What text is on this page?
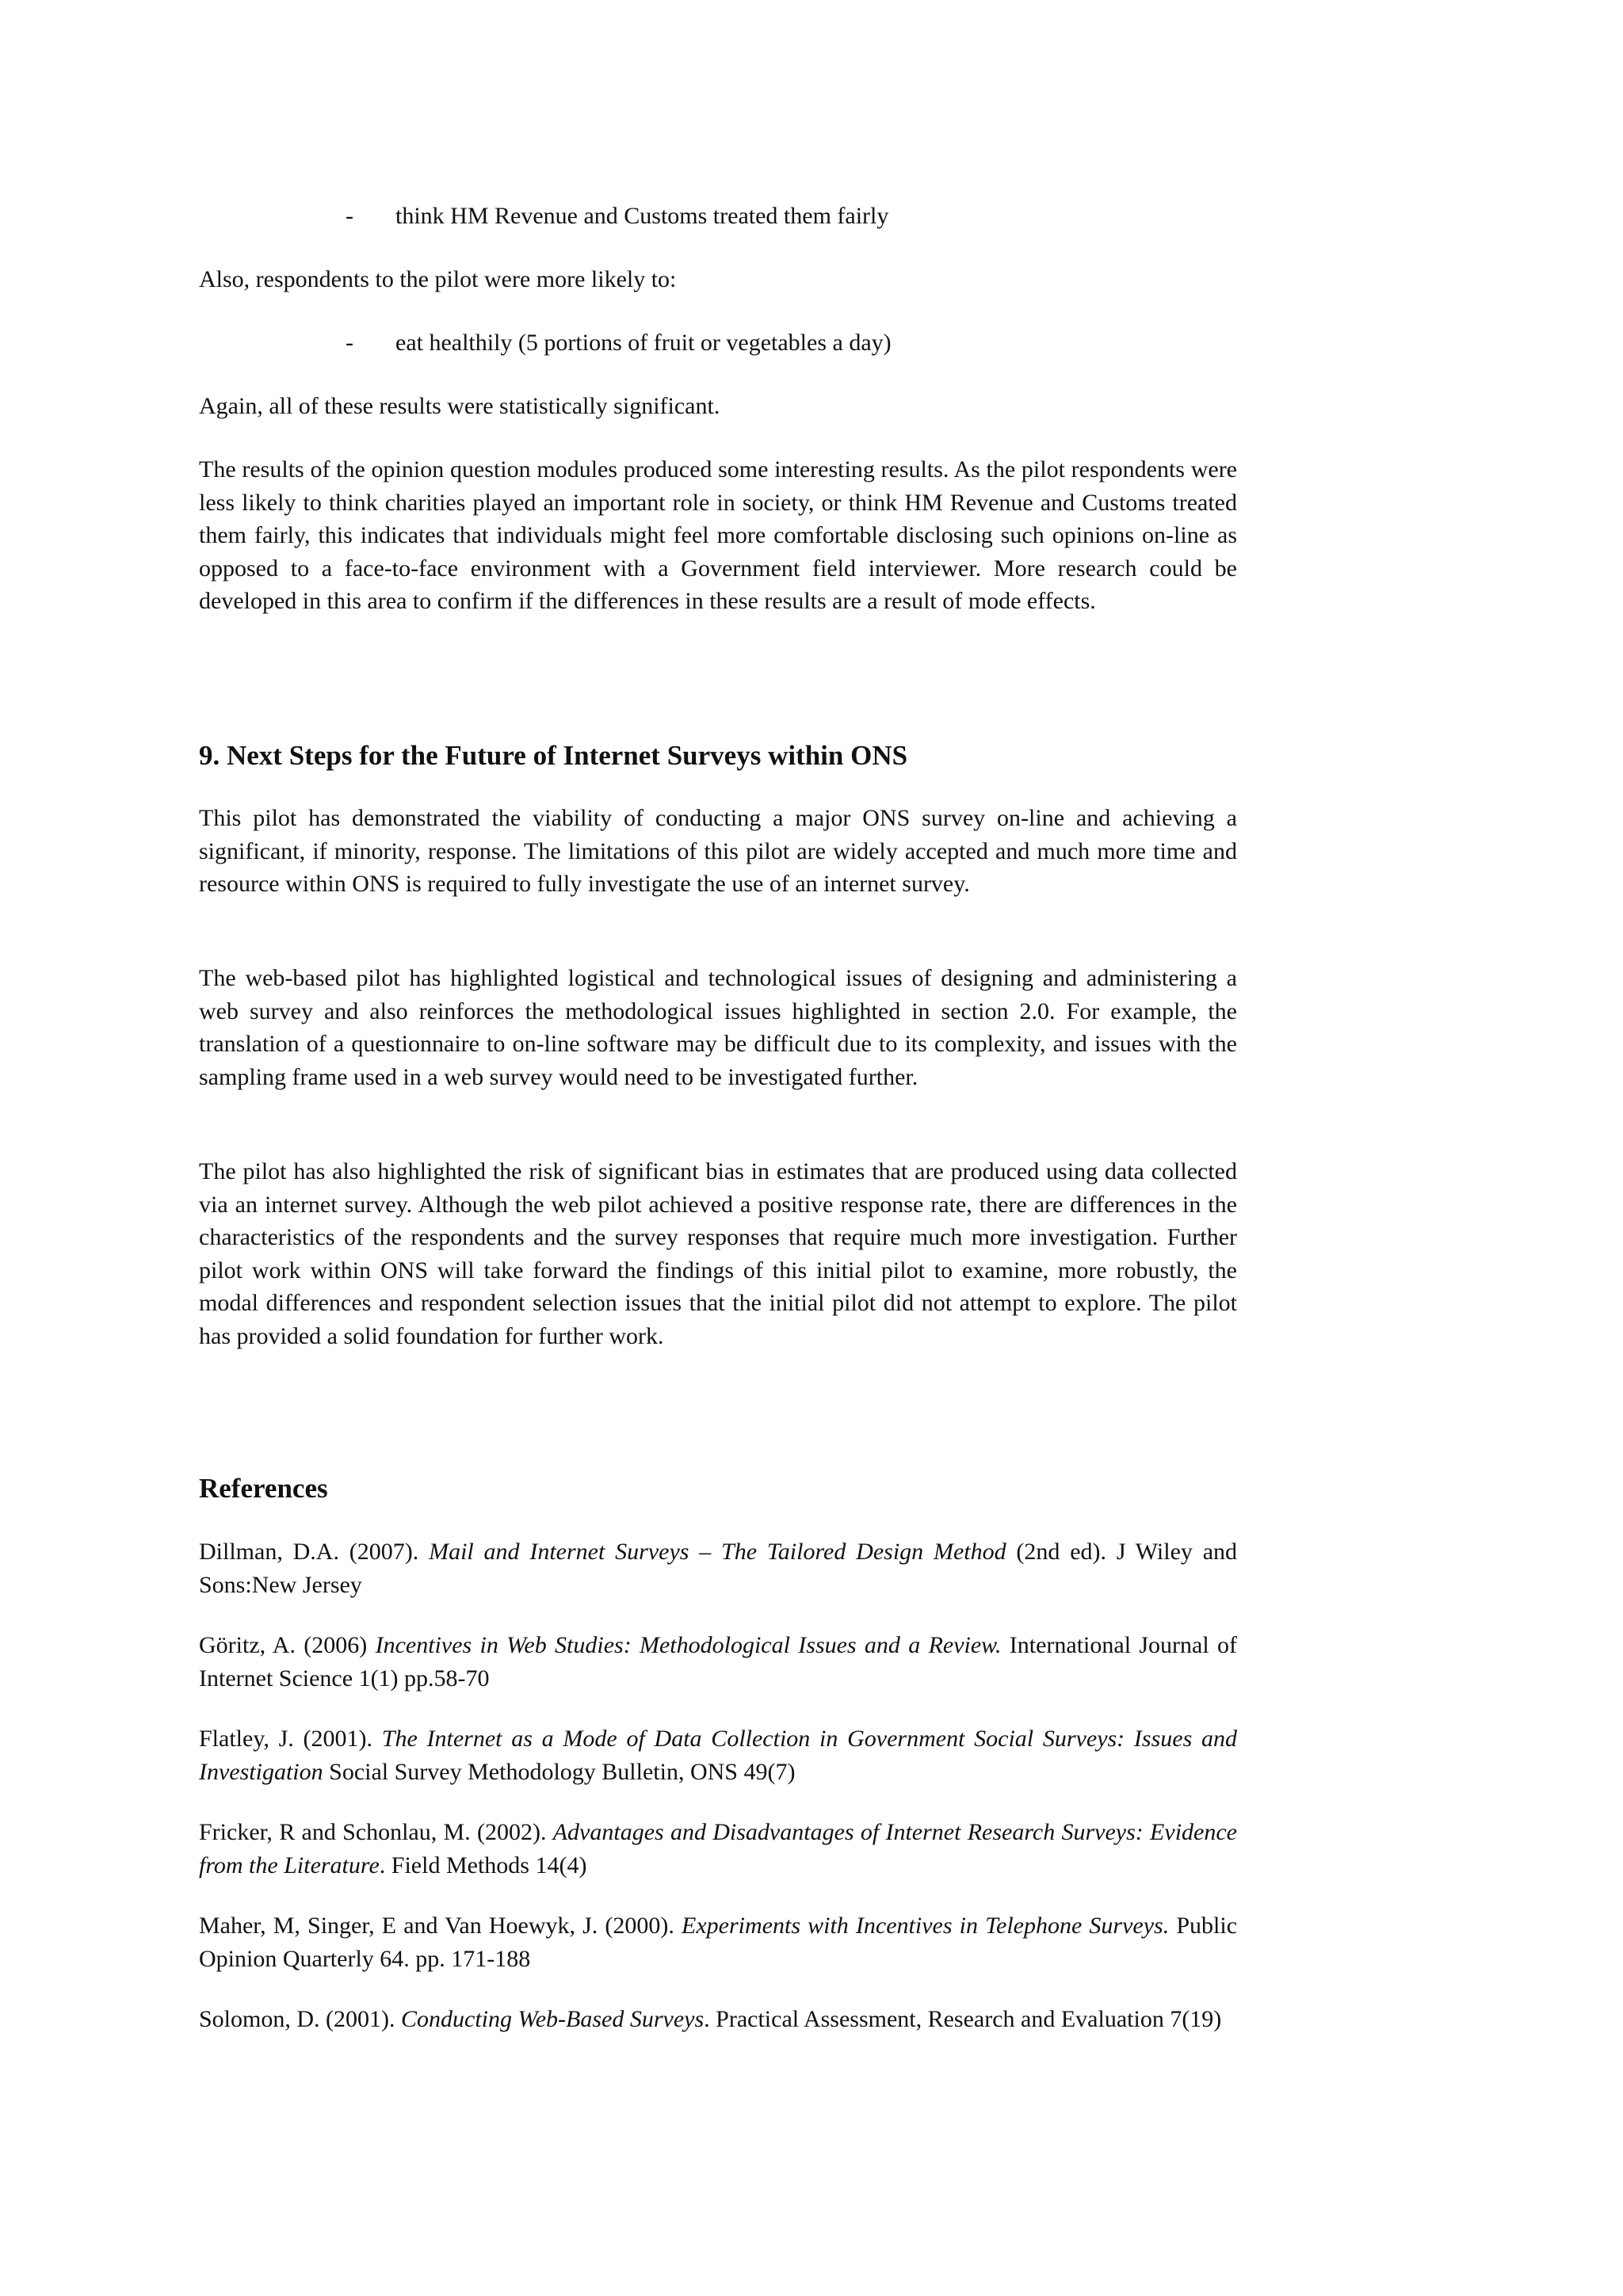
-	think HM Revenue and Customs treated them fairly

Also, respondents to the pilot were more likely to:

-	eat healthily (5 portions of fruit or vegetables a day)

Again, all of these results were statistically significant.

The results of the opinion question modules produced some interesting results. As the pilot respondents were less likely to think charities played an important role in society, or think HM Revenue and Customs treated them fairly, this indicates that individuals might feel more comfortable disclosing such opinions on-line as opposed to a face-to-face environment with a Government field interviewer. More research could be developed in this area to confirm if the differences in these results are a result of mode effects.

9. Next Steps for the Future of Internet Surveys within ONS

This pilot has demonstrated the viability of conducting a major ONS survey on-line and achieving a significant, if minority, response. The limitations of this pilot are widely accepted and much more time and resource within ONS is required to fully investigate the use of an internet survey.

The web-based pilot has highlighted logistical and technological issues of designing and administering a web survey and also reinforces the methodological issues highlighted in section 2.0. For example, the translation of a questionnaire to on-line software may be difficult due to its complexity, and issues with the sampling frame used in a web survey would need to be investigated further.

The pilot has also highlighted the risk of significant bias in estimates that are produced using data collected via an internet survey. Although the web pilot achieved a positive response rate, there are differences in the characteristics of the respondents and the survey responses that require much more investigation. Further pilot work within ONS will take forward the findings of this initial pilot to examine, more robustly, the modal differences and respondent selection issues that the initial pilot did not attempt to explore. The pilot has provided a solid foundation for further work.

References

Dillman, D.A. (2007). Mail and Internet Surveys – The Tailored Design Method (2nd ed). J Wiley and Sons:New Jersey

Göritz, A. (2006) Incentives in Web Studies: Methodological Issues and a Review. International Journal of Internet Science 1(1) pp.58-70

Flatley, J. (2001). The Internet as a Mode of Data Collection in Government Social Surveys: Issues and Investigation Social Survey Methodology Bulletin, ONS 49(7)

Fricker, R and Schonlau, M. (2002). Advantages and Disadvantages of Internet Research Surveys: Evidence from the Literature. Field Methods 14(4)

Maher, M, Singer, E and Van Hoewyk, J. (2000). Experiments with Incentives in Telephone Surveys. Public Opinion Quarterly 64. pp. 171-188

Solomon, D. (2001). Conducting Web-Based Surveys. Practical Assessment, Research and Evaluation 7(19)
